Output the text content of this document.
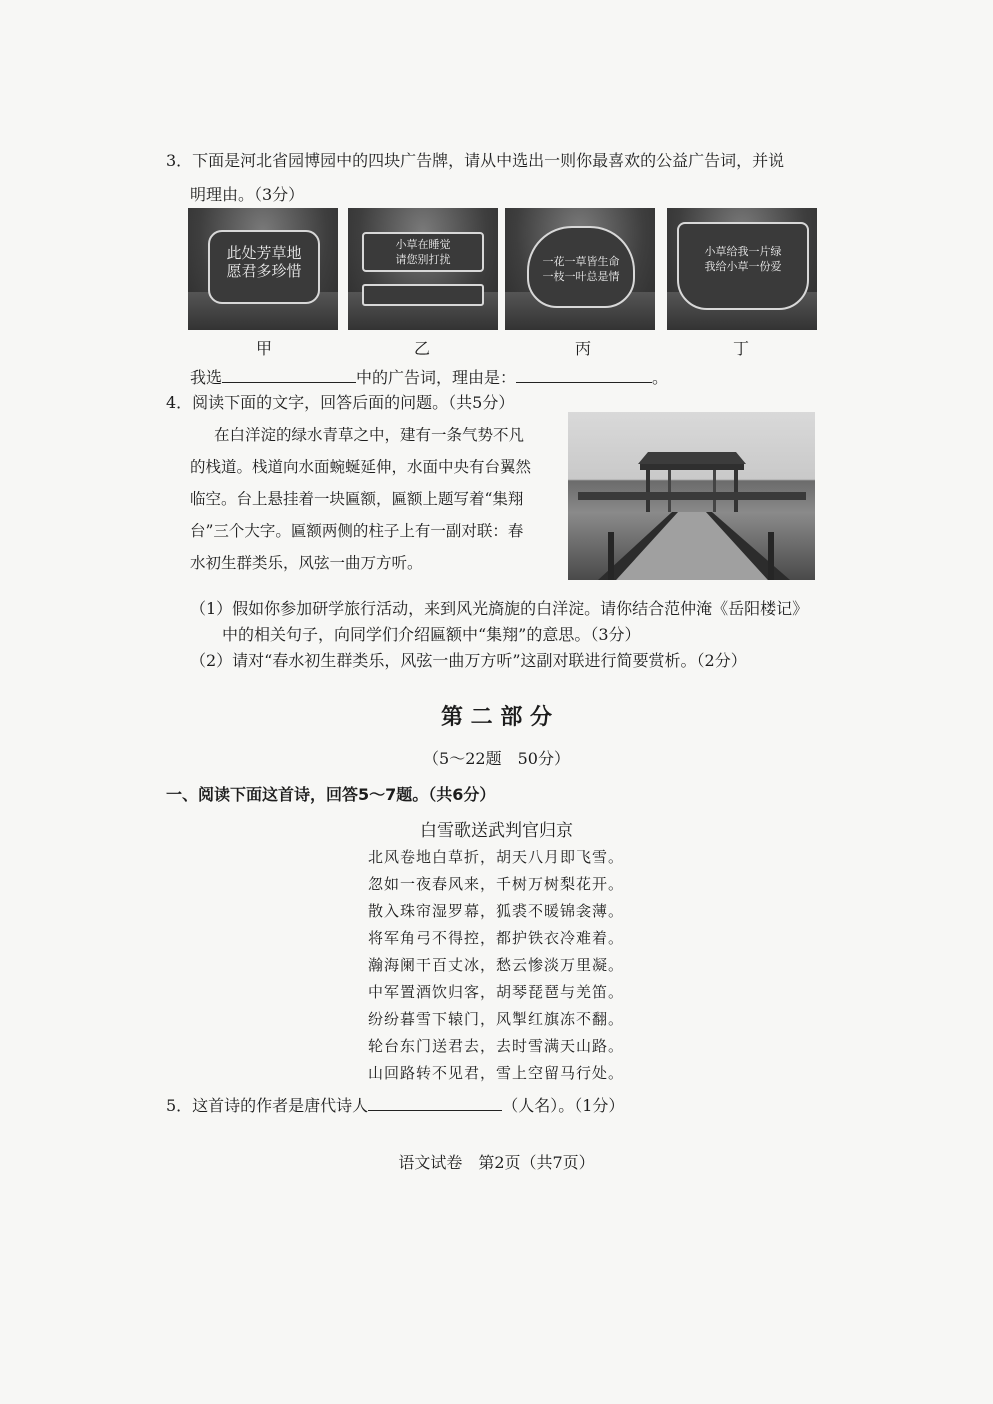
3．下面是河北省园博园中的四块广告牌，请从中选出一则你最喜欢的公益广告词，并说
明理由。（3分）
此处芳草地
愿君多珍惜
小草在睡觉
请您别打扰	一花一草皆生命
一枝一叶总是情
小草给我一片绿
我给小草一份爱
甲	乙	丙	丁
我选	中的广告词，理由是：	。
4．阅读下面的文字，回答后面的问题。（共5分）
在白洋淀的绿水青草之中，建有一条气势不凡
的栈道。栈道向水面蜿蜒延伸，水面中央有台翼然
临空。台上悬挂着一块匾额，匾额上题写着“集翔
台”三个大字。匾额两侧的柱子上有一副对联：春
水初生群类乐，风弦一曲万方听。
（1）假如你参加研学旅行活动，来到风光旖旎的白洋淀。请你结合范仲淹《岳阳楼记》
中的相关句子，向同学们介绍匾额中“集翔”的意思。（3分）
（2）请对“春水初生群类乐，风弦一曲万方听”这副对联进行简要赏析。（2分）
第 二 部 分
（5～22题　50分）
一、阅读下面这首诗，回答5～7题。（共6分）
白雪歌送武判官归京
北风卷地白草折，胡天八月即飞雪。
忽如一夜春风来，千树万树梨花开。
散入珠帘湿罗幕，狐裘不暖锦衾薄。
将军角弓不得控，都护铁衣冷难着。
瀚海阑干百丈冰，愁云惨淡万里凝。
中军置酒饮归客，胡琴琵琶与羌笛。
纷纷暮雪下辕门，风掣红旗冻不翻。
轮台东门送君去，去时雪满天山路。
山回路转不见君，雪上空留马行处。
5．这首诗的作者是唐代诗人	（人名）。（1分）
语文试卷　第2页（共7页）
